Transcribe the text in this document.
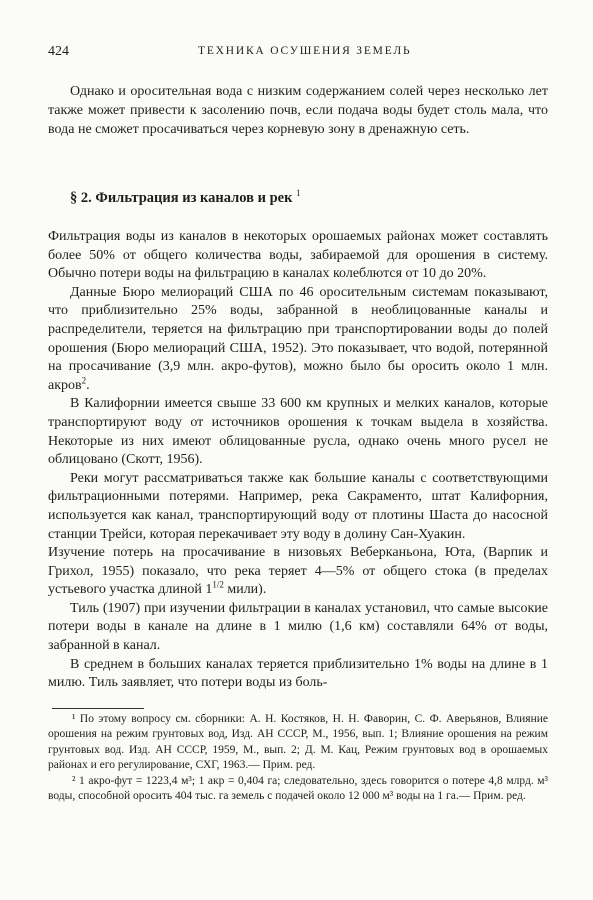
424	ТЕХНИКА ОСУШЕНИЯ ЗЕМЕЛЬ

Однако и оросительная вода с низким содержанием солей через несколько лет также может привести к засолению почв, если подача воды будет столь мала, что вода не сможет просачиваться через корневую зону в дренажную сеть.

§ 2. Фильтрация из каналов и рек $^1$

Фильтрация воды из каналов в некоторых орошаемых районах может составлять более 50% от общего количества воды, забираемой для орошения в систему. Обычно потери воды на фильтрацию в каналах колеблются от 10 до 20%.

Данные Бюро мелиораций США по 46 оросительным системам показывают, что приблизительно 25% воды, забранной в необлицованные каналы и распределители, теряется на фильтрацию при транспортировании воды до полей орошения (Бюро мелиораций США, 1952). Это показывает, что водой, потерянной на просачивание (3,9 млн. акро-футов), можно было бы оросить около 1 млн. акров$^2$.

В Калифорнии имеется свыше 33 600 км крупных и мелких каналов, которые транспортируют воду от источников орошения к точкам выдела в хозяйства. Некоторые из них имеют облицованные русла, однако очень много русел не облицовано (Скотт, 1956).

Реки могут рассматриваться также как большие каналы с соответствующими фильтрационными потерями. Например, река Сакраменто, штат Калифорния, используется как канал, транспортирующий воду от плотины Шаста до насосной станции Трейси, которая перекачивает эту воду в долину Сан-Хуакин.

Изучение потерь на просачивание в низовьях Веберканьона, Юта, (Варпик и Грихол, 1955) показало, что река теряет 4—5% от общего стока (в пределах устьевого участка длиной $1^{1/2}$ мили).

Тиль (1907) при изучении фильтрации в каналах установил, что самые высокие потери воды в канале на длине в 1 милю (1,6 км) составляли 64% от воды, забранной в канал.

В среднем в больших каналах теряется приблизительно 1% воды на длине в 1 милю. Тиль заявляет, что потери воды из боль-

¹ По этому вопросу см. сборники: А. Н. Костяков, Н. Н. Фаворин, С. Ф. Аверьянов, Влияние орошения на режим грунтовых вод, Изд. АН СССР, М., 1956, вып. 1; Влияние орошения на режим грунтовых вод. Изд. АН СССР, 1959, М., вып. 2; Д. М. Кац, Режим грунтовых вод в орошаемых районах и его регулирование, СХГ, 1963.— Прим. ред.

² 1 акро-фут = 1223,4 м³; 1 акр = 0,404 га; следовательно, здесь говорится о потере 4,8 млрд. м³ воды, способной оросить 404 тыс. га земель с подачей около 12 000 м³ воды на 1 га.— Прим. ред.
